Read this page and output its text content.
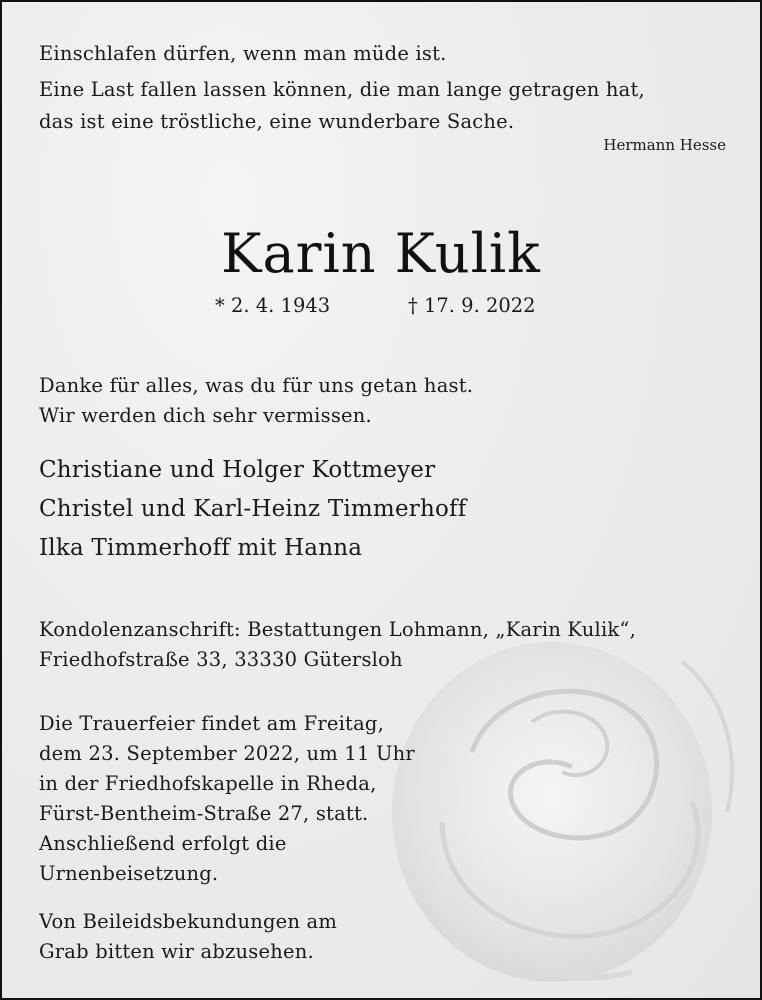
Einschlafen dürfen, wenn man müde ist.

Eine Last fallen lassen können, die man lange getragen hat,

das ist eine tröstliche, eine wunderbare Sache.

Hermann Hesse
Karin Kulik
* 2. 4. 1943	† 17. 9. 2022

Danke für alles, was du für uns getan hast.

Wir werden dich sehr vermissen.

Christiane und Holger Kottmeyer

Christel und Karl-Heinz Timmerhoff

Ilka Timmerhoff mit Hanna

Kondolenzanschrift: Bestattungen Lohmann, „Karin Kulik“,

Friedhofstraße 33, 33330 Gütersloh

Die Trauerfeier findet am Freitag,

dem 23. September 2022, um 11 Uhr

in der Friedhofskapelle in Rheda,

Fürst-Bentheim-Straße 27, statt.

Anschließend erfolgt die

Urnenbeisetzung.

Von Beileidsbekundungen am

Grab bitten wir abzusehen.
